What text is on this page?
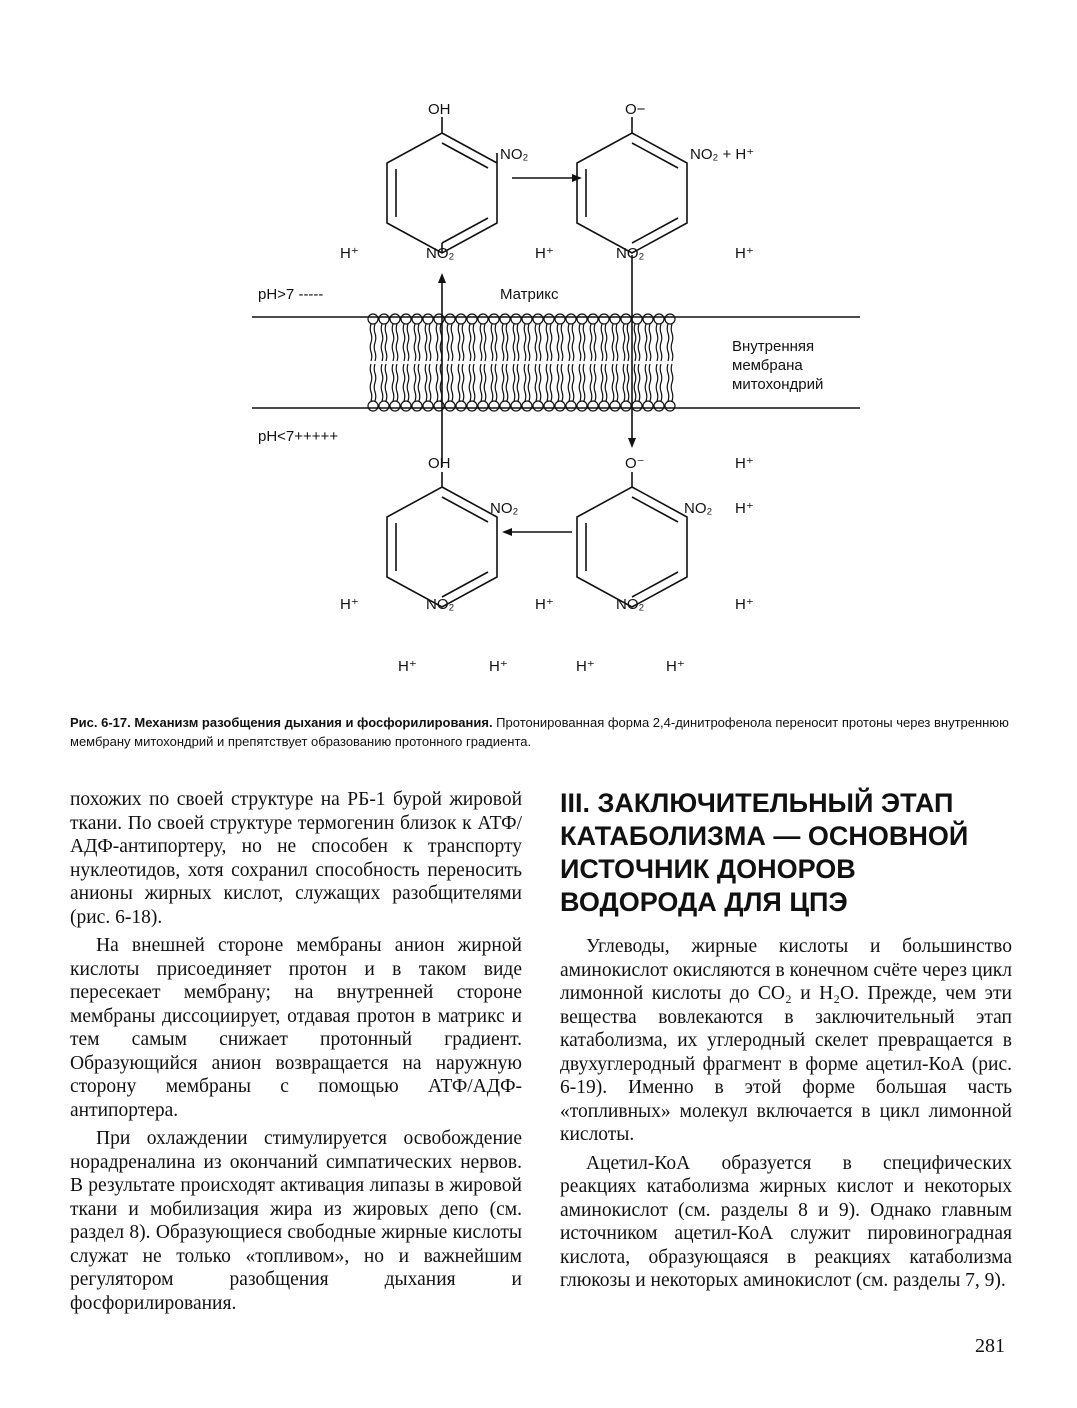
OH	O−
NO₂	NO₂ + H⁺
NO₂	NO₂
H⁺	H⁺	H⁺
pH>7 -----	Матрикс
Внутренняя
мембрана
митохондрий
pH<7+++++
OH	O⁻	H⁺
NO₂	NO₂ H⁺
H⁺	NO₂	H⁺	NO₂	H⁺
H⁺	H⁺	H⁺	H⁺
Рис. 6-17. Механизм разобщения дыхания и фосфорилирования. Протонированная форма 2,4-динитрофенола переносит протоны через внутреннюю мембрану митохондрий и препятствует образованию протонного градиента.

похожих по своей структуре на РБ-1 бурой жировой ткани. По своей структуре термогенин близок к АТФ/АДФ-антипортеру, но не способен к транспорту нуклеотидов, хотя сохранил способность переносить анионы жирных кислот, служащих разобщителями (рис. 6-18).

На внешней стороне мембраны анион жирной кислоты присоединяет протон и в таком виде пересекает мембрану; на внутренней стороне мембраны диссоциирует, отдавая протон в матрикс и тем самым снижает протонный градиент. Образующийся анион возвращается на наружную сторону мембраны с помощью АТФ/АДФ-антипортера.

При охлаждении стимулируется освобождение норадреналина из окончаний симпатических нервов. В результате происходят активация липазы в жировой ткани и мобилизация жира из жировых депо (см. раздел 8). Образующиеся свободные жирные кислоты служат не только «топливом», но и важнейшим регулятором разобщения дыхания и фосфорилирования.

III. ЗАКЛЮЧИТЕЛЬНЫЙ ЭТАП КАТАБОЛИЗМА — ОСНОВНОЙ ИСТОЧНИК ДОНОРОВ ВОДОРОДА ДЛЯ ЦПЭ

Углеводы, жирные кислоты и большинство аминокислот окисляются в конечном счёте через цикл лимонной кислоты до CO₂ и H₂O. Прежде, чем эти вещества вовлекаются в заключительный этап катаболизма, их углеродный скелет превращается в двухуглеродный фрагмент в форме ацетил-КоА (рис. 6-19). Именно в этой форме большая часть «топливных» молекул включается в цикл лимонной кислоты.

Ацетил-КоА образуется в специфических реакциях катаболизма жирных кислот и некоторых аминокислот (см. разделы 8 и 9). Однако главным источником ацетил-КоА служит пировиноградная кислота, образующаяся в реакциях катаболизма глюкозы и некоторых аминокислот (см. разделы 7, 9).

281
